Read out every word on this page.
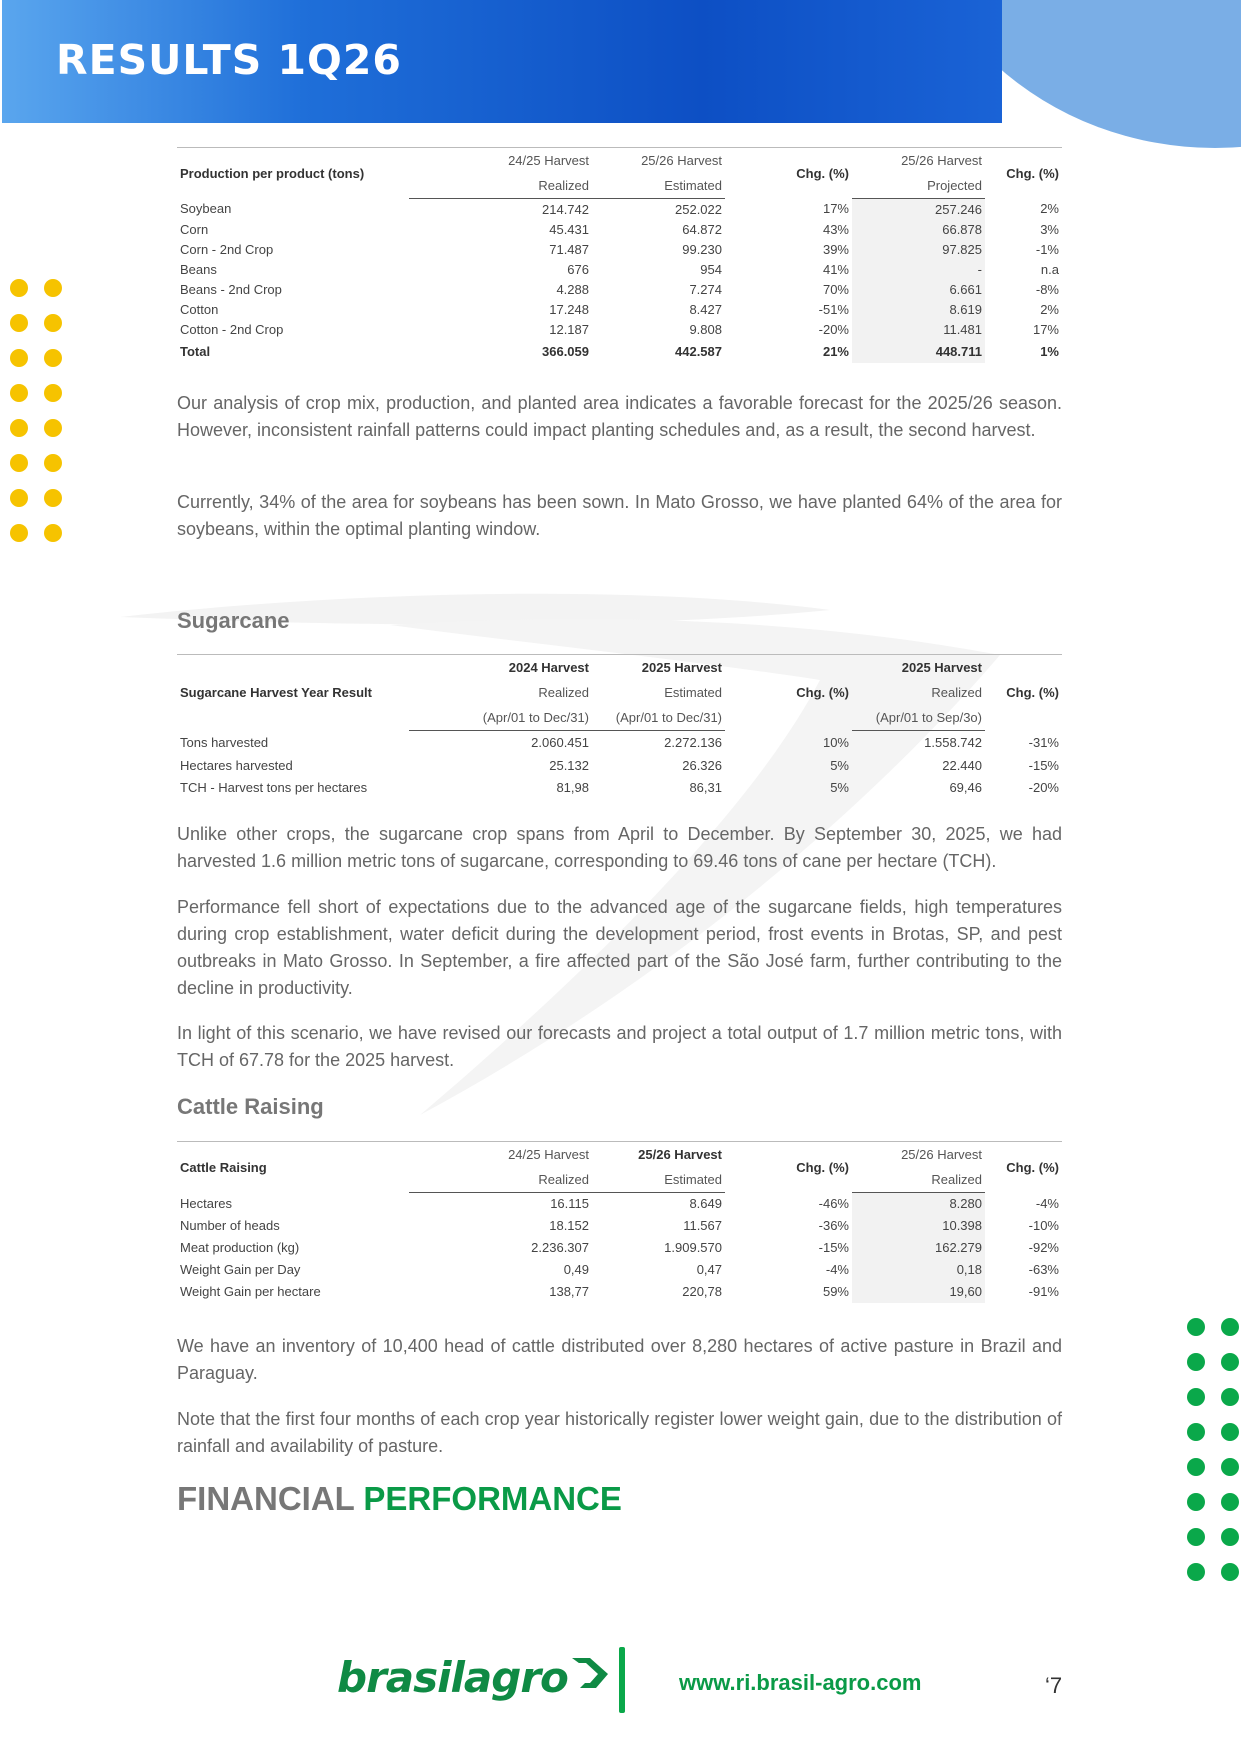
RESULTS 1Q26
Production per product (tons)	24/25 Harvest	25/26 Harvest	Chg. (%)	25/26 Harvest	Chg. (%)
	Realized	Estimated		Projected	
Soybean	214.742	252.022	17%	257.246	2%
Corn	45.431	64.872	43%	66.878	3%
Corn - 2nd Crop	71.487	99.230	39%	97.825	-1%
Beans	676	954	41%	-	n.a
Beans - 2nd Crop	4.288	7.274	70%	6.661	-8%
Cotton	17.248	8.427	-51%	8.619	2%
Cotton - 2nd Crop	12.187	9.808	-20%	11.481	17%
Total	366.059	442.587	21%	448.711	1%

Our analysis of crop mix, production, and planted area indicates a favorable forecast for the 2025/26 season. However, inconsistent rainfall patterns could impact planting schedules and, as a result, the second harvest.

Currently, 34% of the area for soybeans has been sown. In Mato Grosso, we have planted 64% of the area for soybeans, within the optimal planting window.

Sugarcane
Sugarcane Harvest Year Result	2024 Harvest	2025 Harvest	Chg. (%)	2025 Harvest	Chg. (%)
	Realized	Estimated		Realized	
	(Apr/01 to Dec/31)	(Apr/01 to Dec/31)		(Apr/01 to Sep/3o)	
Tons harvested	2.060.451	2.272.136	10%	1.558.742	-31%
Hectares harvested	25.132	26.326	5%	22.440	-15%
TCH - Harvest tons per hectares	81,98	86,31	5%	69,46	-20%

Unlike other crops, the sugarcane crop spans from April to December. By September 30, 2025, we had harvested 1.6 million metric tons of sugarcane, corresponding to 69.46 tons of cane per hectare (TCH).

Performance fell short of expectations due to the advanced age of the sugarcane fields, high temperatures during crop establishment, water deficit during the development period, frost events in Brotas, SP, and pest outbreaks in Mato Grosso. In September, a fire affected part of the São José farm, further contributing to the decline in productivity.

In light of this scenario, we have revised our forecasts and project a total output of 1.7 million metric tons, with TCH of 67.78 for the 2025 harvest.

Cattle Raising
Cattle Raising	24/25 Harvest	25/26 Harvest	Chg. (%)	25/26 Harvest	Chg. (%)
	Realized	Estimated		Realized	
Hectares	16.115	8.649	-46%	8.280	-4%
Number of heads	18.152	11.567	-36%	10.398	-10%
Meat production (kg)	2.236.307	1.909.570	-15%	162.279	-92%
Weight Gain per Day	0,49	0,47	-4%	0,18	-63%
Weight Gain per hectare	138,77	220,78	59%	19,60	-91%

We have an inventory of 10,400 head of cattle distributed over 8,280 hectares of active pasture in Brazil and Paraguay.

Note that the first four months of each crop year historically register lower weight gain, due to the distribution of rainfall and availability of pasture.

FINANCIAL PERFORMANCE
brasilagro	www.ri.brasil-agro.com	‘7
